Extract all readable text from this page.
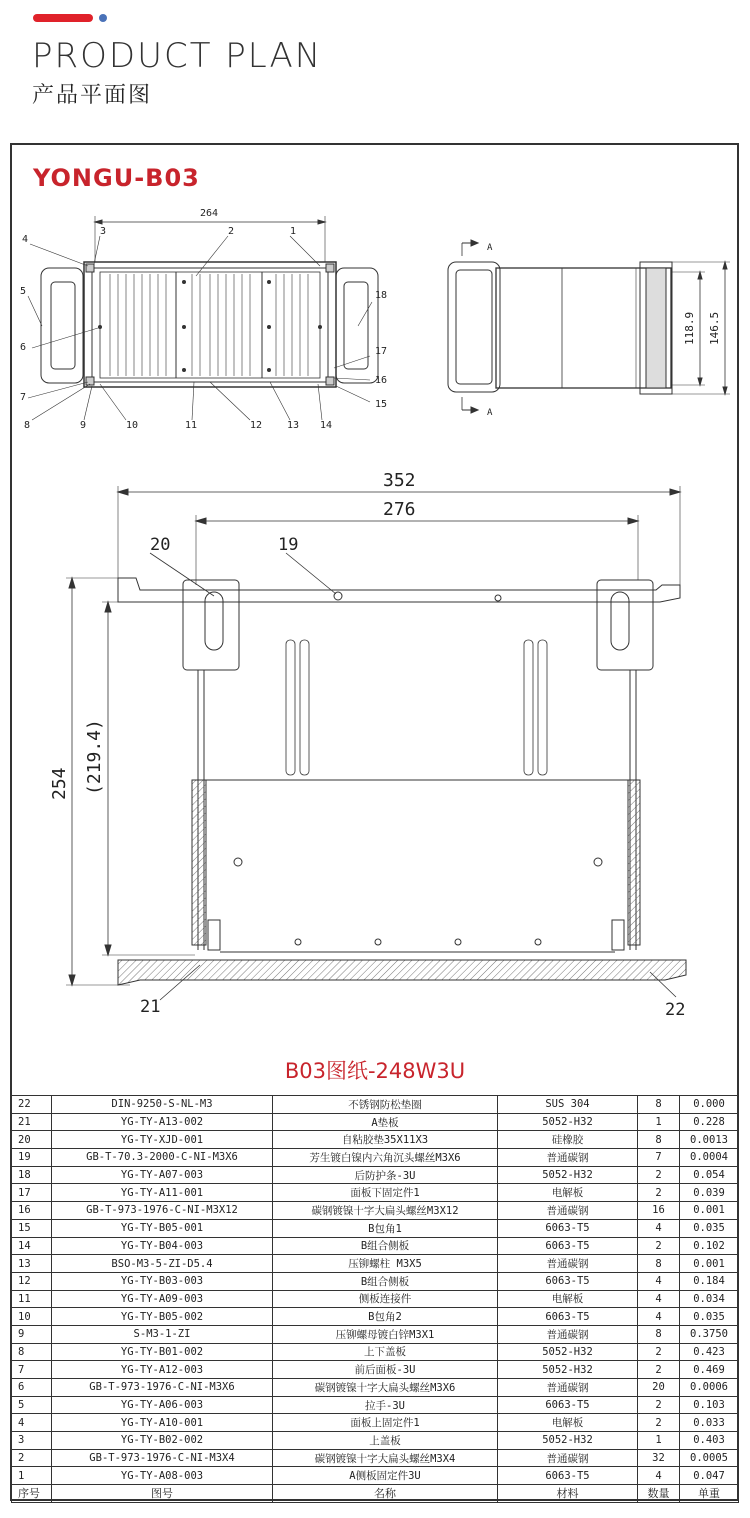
PRODUCT PLAN
产品平面图
YONGU-B03
264
A
A
118.9 146.5
352
276
254 (219.4)
1
2
3
4
5
6
7
8	9	10	11	12 13 14
15
16
17
18
19
20
21	22
B03图纸-248W3U
22	DIN-9250-S-NL-M3	不锈钢防松垫圈	SUS 304	8	0.000
21	YG-TY-A13-002	A垫板	5052-H32	1	0.228
20	YG-TY-XJD-001	自粘胶垫35X11X3	硅橡胶	8	0.0013
19	GB-T-70.3-2000-C-NI-M3X6	芳生镀白镍内六角沉头螺丝M3X6	普通碳钢	7	0.0004
18	YG-TY-A07-003	后防护条-3U	5052-H32	2	0.054
17	YG-TY-A11-001	面板下固定件1	电解板	2	0.039
16	GB-T-973-1976-C-NI-M3X12	碳钢镀镍十字大扁头螺丝M3X12	普通碳钢	16	0.001
15	YG-TY-B05-001	B包角1	6063-T5	4	0.035
14	YG-TY-B04-003	B组合侧板	6063-T5	2	0.102
13	BSO-M3-5-ZI-D5.4	压铆螺柱 M3X5	普通碳钢	8	0.001
12	YG-TY-B03-003	B组合侧板	6063-T5	4	0.184
11	YG-TY-A09-003	侧板连接件	电解板	4	0.034
10	YG-TY-B05-002	B包角2	6063-T5	4	0.035
9	S-M3-1-ZI	压铆螺母镀白锌M3X1	普通碳钢	8	0.3750
8	YG-TY-B01-002	上下盖板	5052-H32	2	0.423
7	YG-TY-A12-003	前后面板-3U	5052-H32	2	0.469
6	GB-T-973-1976-C-NI-M3X6	碳钢镀镍十字大扁头螺丝M3X6	普通碳钢	20	0.0006
5	YG-TY-A06-003	拉手-3U	6063-T5	2	0.103
4	YG-TY-A10-001	面板上固定件1	电解板	2	0.033
3	YG-TY-B02-002	上盖板	5052-H32	1	0.403
2	GB-T-973-1976-C-NI-M3X4	碳钢镀镍十字大扁头螺丝M3X4	普通碳钢	32	0.0005
1	YG-TY-A08-003	A侧板固定件3U	6063-T5	4	0.047
序号	图号	名称	材料	数量	单重
